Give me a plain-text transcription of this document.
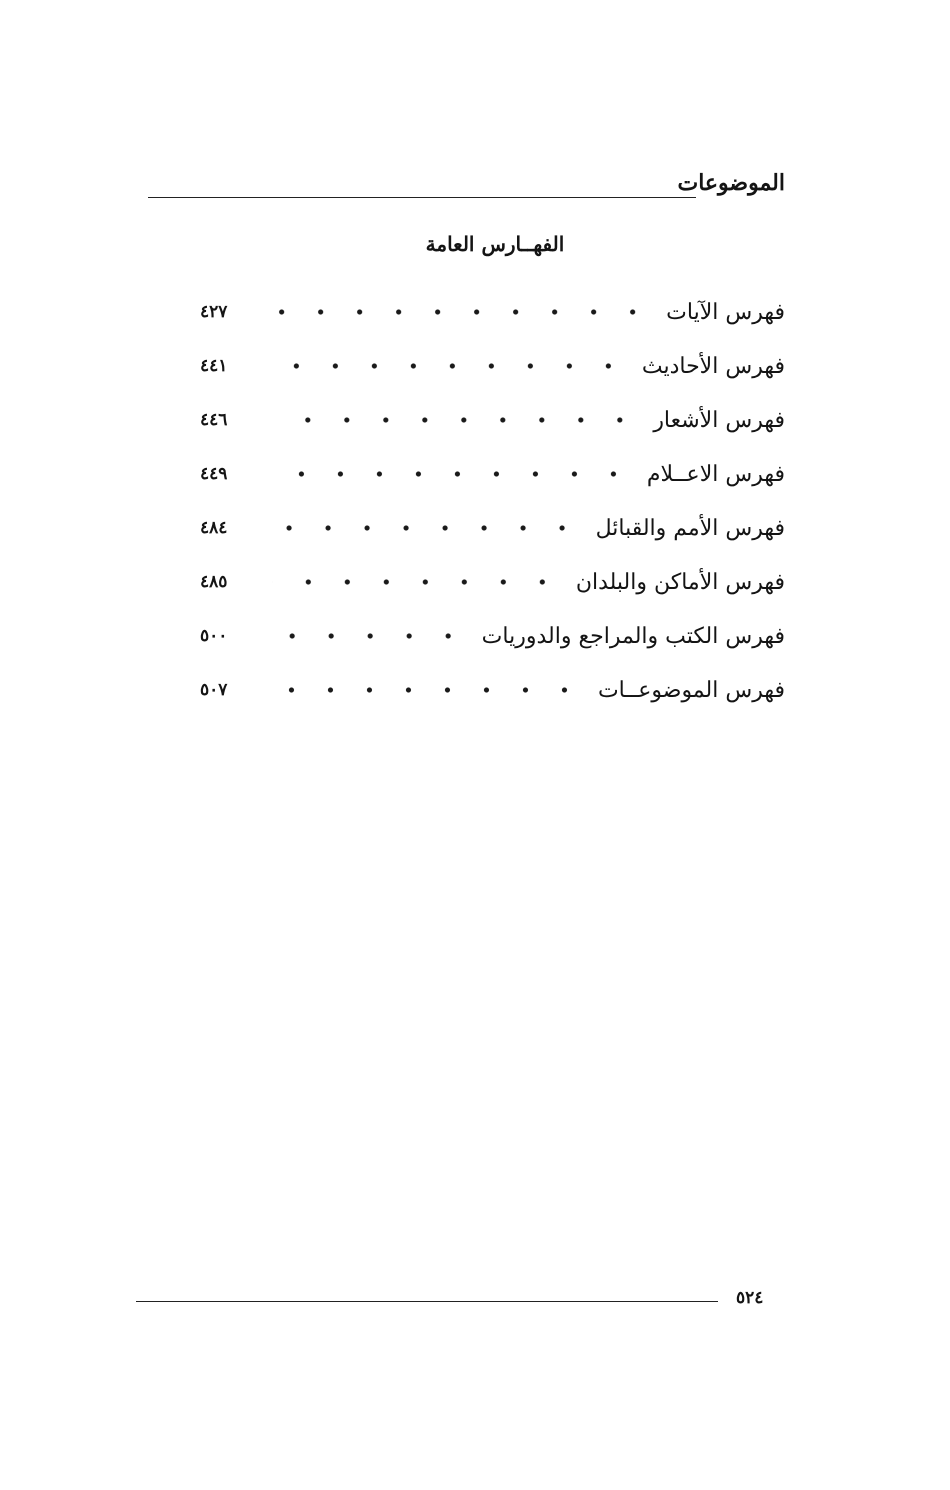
الموضوعات
الفهــارس العامة
فهرس الآيات
٤٢٧
فهرس الأحاديث
٤٤١
فهرس الأشعار
٤٤٦
فهرس الاعــلام
٤٤٩
فهرس الأمم والقبائل
٤٨٤
فهرس الأماكن والبلدان
٤٨٥
فهرس الكتب والمراجع والدوريات
٥٠٠
فهرس الموضوعــات
٥٠٧
٥٢٤
